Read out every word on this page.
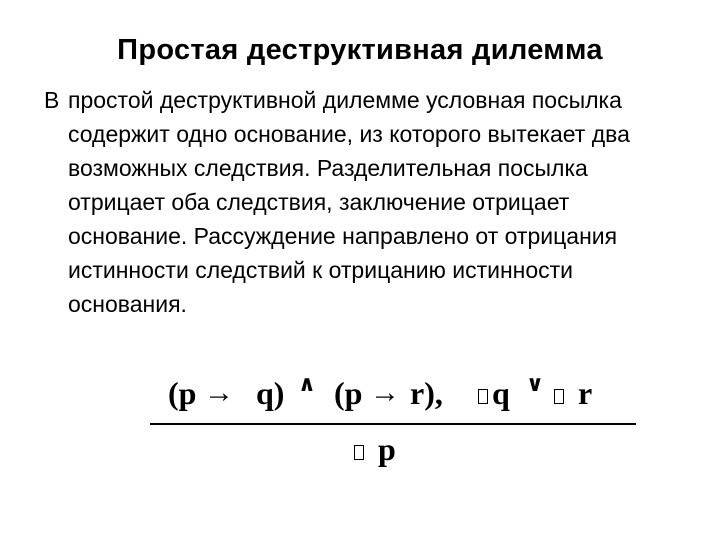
Простая деструктивная дилемма
В простой деструктивной дилемме условная посылка содержит одно основание, из которого вытекает два возможных следствия. Разделительная посылка отрицает оба следствия, заключение отрицает основание. Рассуждение направлено от отрицания истинности следствий к отрицанию истинности основания.
(p → q) ∧ (p → r), q ∨ r
p
